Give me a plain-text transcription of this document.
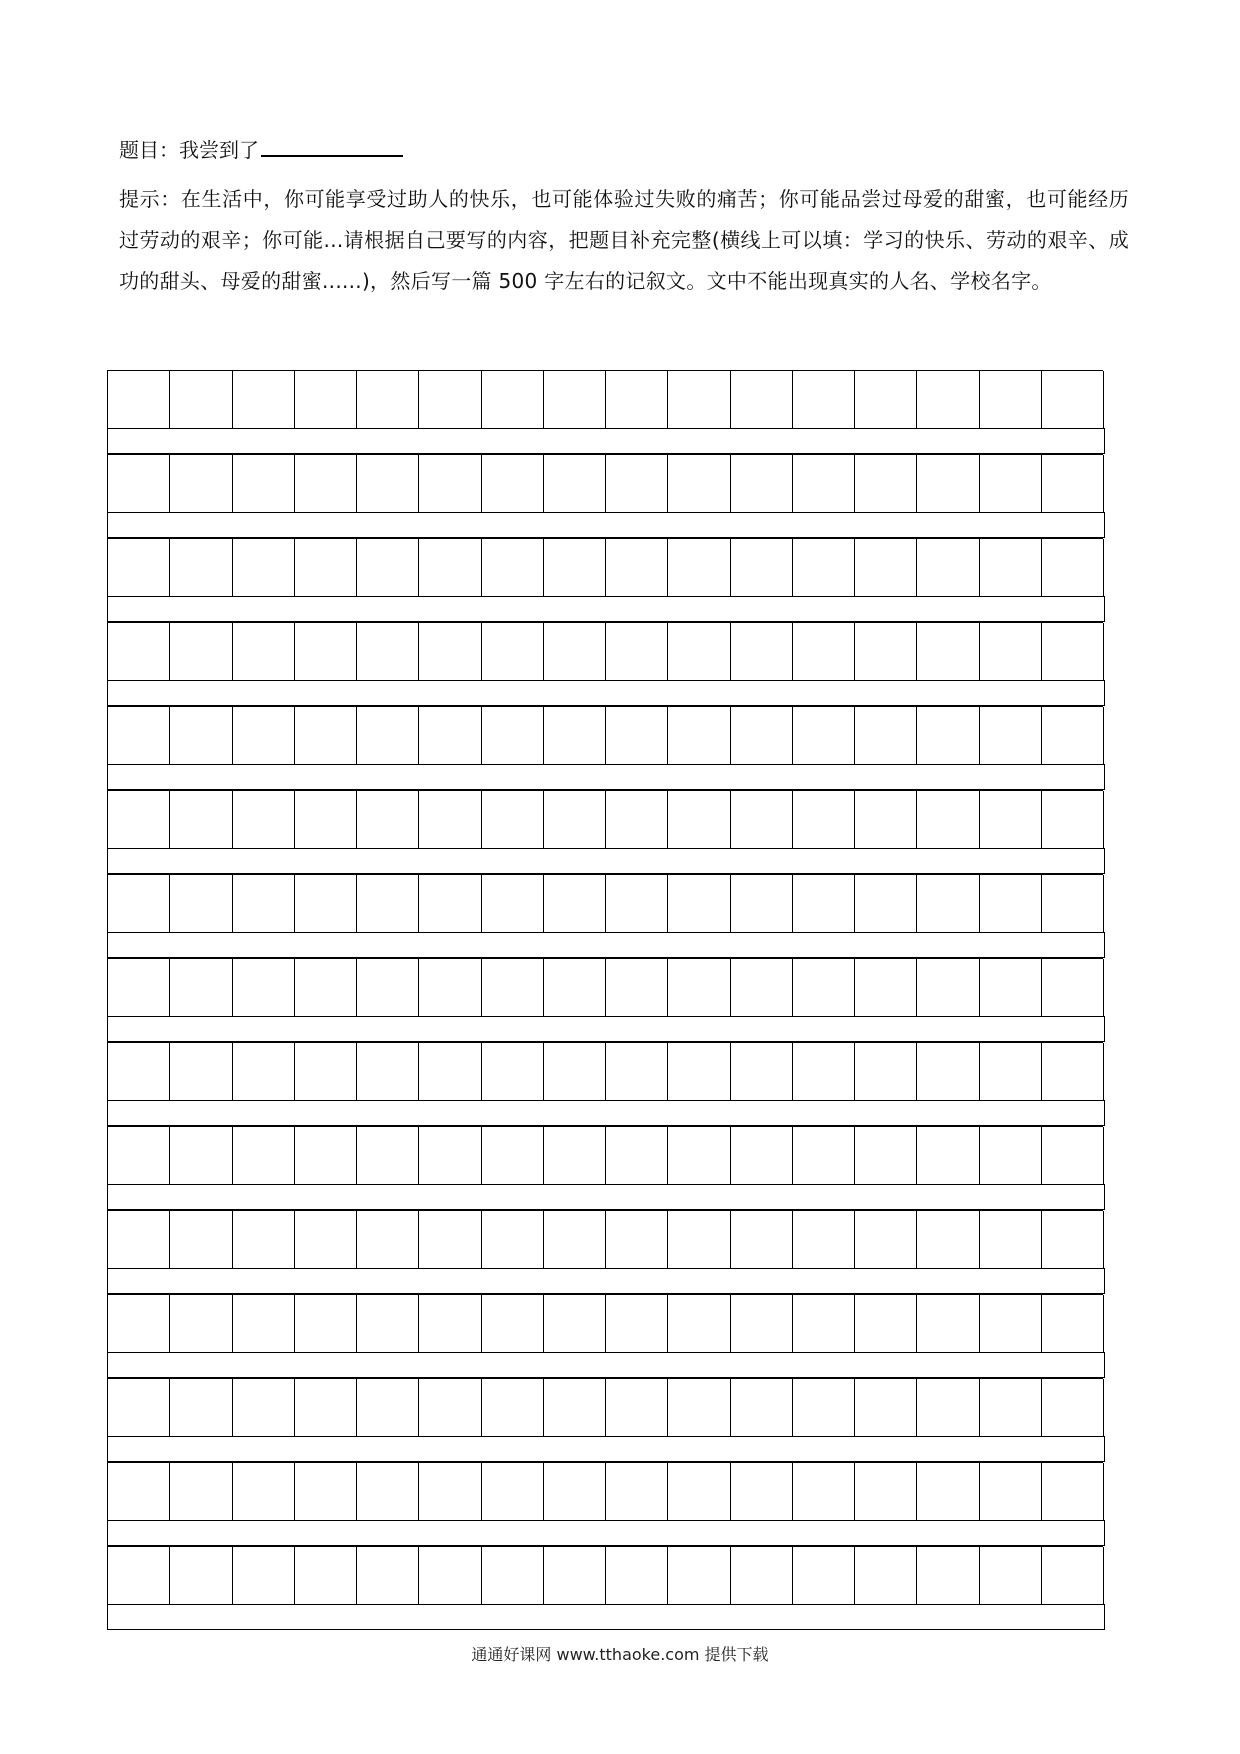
题目：我尝到了
提示：在生活中，你可能享受过助人的快乐，也可能体验过失败的痛苦；你可能品尝过母爱的甜蜜，也可能经历过劳动的艰辛；你可能...请根据自己要写的内容，把题目补充完整(横线上可以填：学习的快乐、劳动的艰辛、成功的甜头、母爱的甜蜜......)，然后写一篇 500 字左右的记叙文。文中不能出现真实的人名、学校名字。
通通好课网 www.tthaoke.com 提供下载
